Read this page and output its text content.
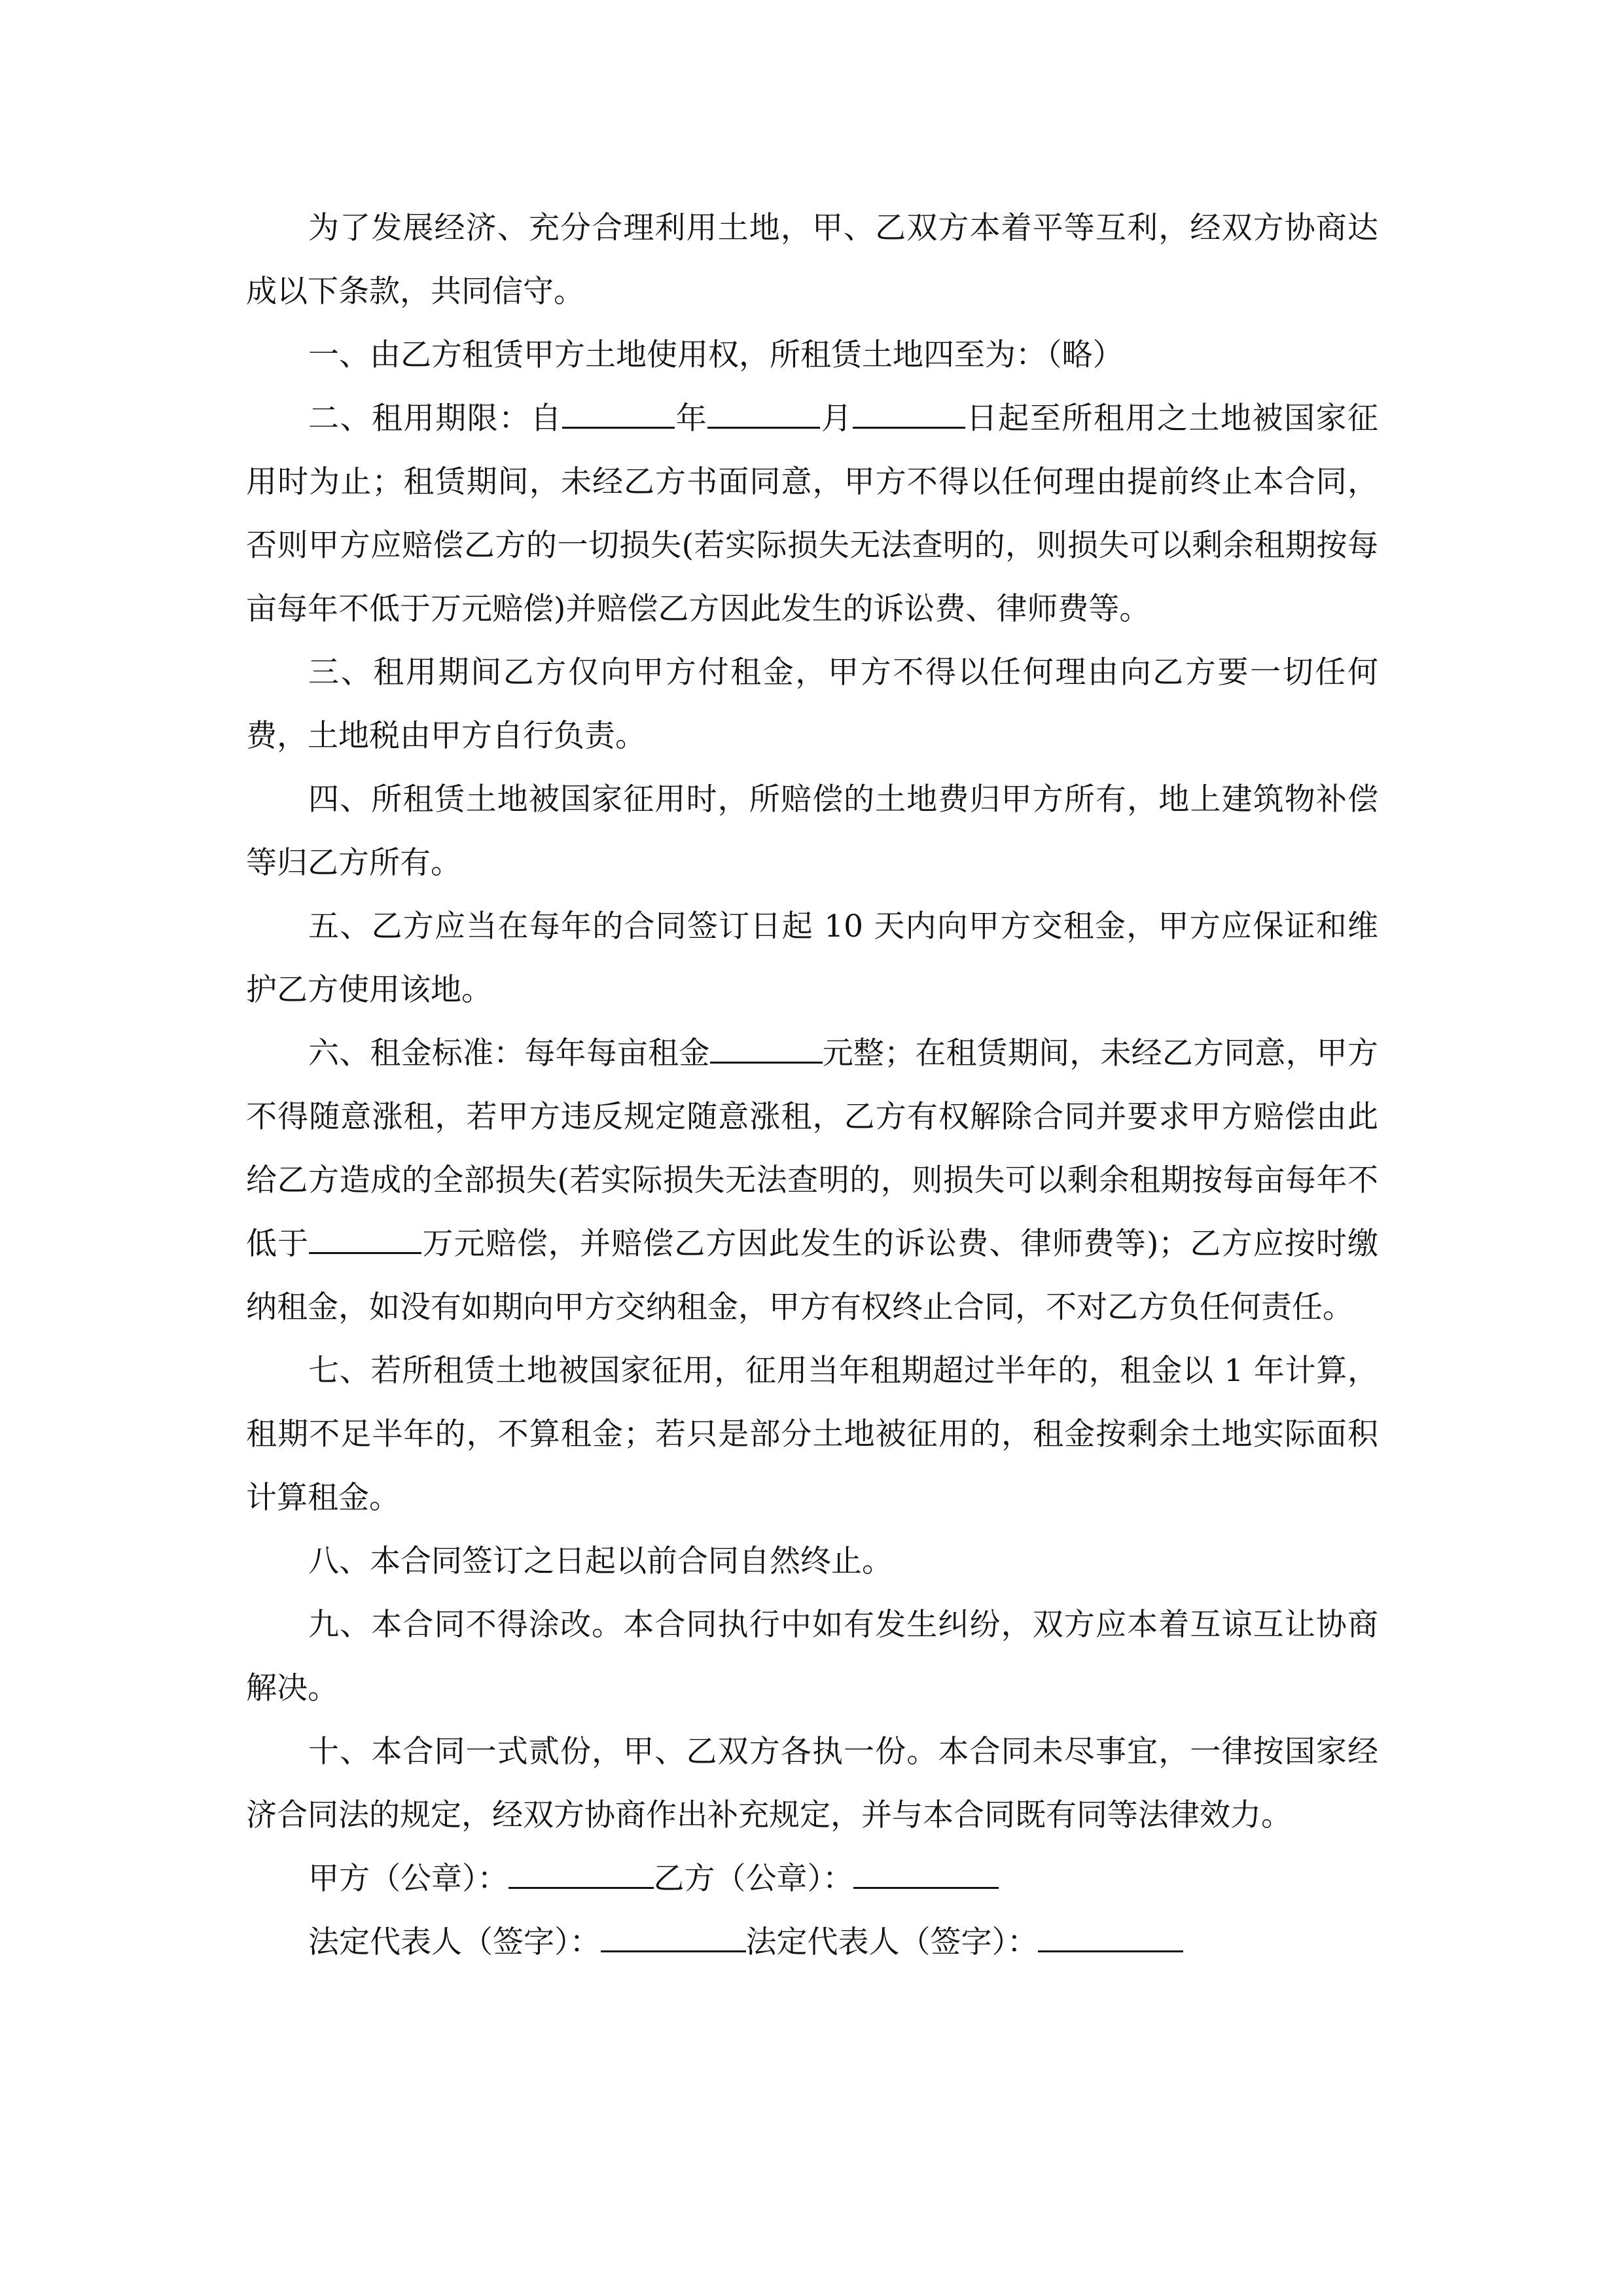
为了发展经济、充分合理利用土地，甲、乙双方本着平等互利，经双方协商达成以下条款，共同信守。

一、由乙方租赁甲方土地使用权，所租赁土地四至为：（略）

二、租用期限：自	年	月	日起至所租用之土地被国家征用时为止；租赁期间，未经乙方书面同意，甲方不得以任何理由提前终止本合同，否则甲方应赔偿乙方的一切损失(若实际损失无法查明的，则损失可以剩余租期按每亩每年不低于万元赔偿)并赔偿乙方因此发生的诉讼费、律师费等。

三、租用期间乙方仅向甲方付租金，甲方不得以任何理由向乙方要一切任何费，土地税由甲方自行负责。

四、所租赁土地被国家征用时，所赔偿的土地费归甲方所有，地上建筑物补偿等归乙方所有。

五、乙方应当在每年的合同签订日起 10 天内向甲方交租金，甲方应保证和维护乙方使用该地。

六、租金标准：每年每亩租金	元整；在租赁期间，未经乙方同意，甲方不得随意涨租，若甲方违反规定随意涨租，乙方有权解除合同并要求甲方赔偿由此给乙方造成的全部损失(若实际损失无法查明的，则损失可以剩余租期按每亩每年不低于	万元赔偿，并赔偿乙方因此发生的诉讼费、律师费等)；乙方应按时缴纳租金，如没有如期向甲方交纳租金，甲方有权终止合同，不对乙方负任何责任。

七、若所租赁土地被国家征用，征用当年租期超过半年的，租金以 1 年计算，租期不足半年的，不算租金；若只是部分土地被征用的，租金按剩余土地实际面积计算租金。

八、本合同签订之日起以前合同自然终止。

九、本合同不得涂改。本合同执行中如有发生纠纷，双方应本着互谅互让协商解决。

十、本合同一式贰份，甲、乙双方各执一份。本合同未尽事宜，一律按国家经济合同法的规定，经双方协商作出补充规定，并与本合同既有同等法律效力。

甲方（公章）：	乙方（公章）：

法定代表人（签字）：	法定代表人（签字）：
